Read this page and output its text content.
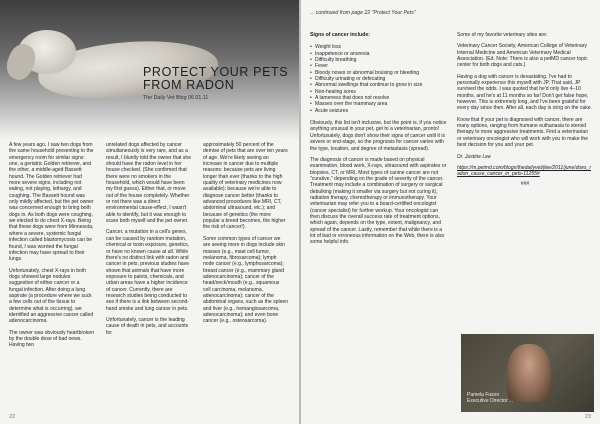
PROTECT YOUR PETS
FROM RADON
The Daily Vet Blog 06.01.11

A few years ago, I saw two dogs from the same household presenting to the emergency room for similar signs: one, a geriatric Golden retriever, and the other, a middle-aged Bassett hound. The Golden retriever had more severe signs, including not eating, not playing, lethargy, and coughing. The Bassett hound was only mildly affected, but the pet owner was concerned enough to bring both dogs in. As both dogs were coughing, we elected to do chest X-rays. Being that these dogs were from Minnesota, where a severe, systemic fungal infection called blastomycosis can be found, I was worried the fungal infection may have spread to their lungs.

Unfortunately, chest X-rays in both dogs showed large nodules suggestive of either cancer or a fungal infection. After doing a lung aspirate (a procedure where we suck a few cells out of the tissue to determine what is occurring), we identified an aggressive cancer called adenocarcinoma.

The owner was obviously heartbroken by the double dose of bad news. Having two

unrelated dogs affected by cancer simultaneously is very rare, and as a result, I bluntly told the owner that she should have the radon level in her house checked. (She confirmed that there were no smokers in the household, which would have been my first guess). Either that, or move out of the house completely. Whether or not there was a direct environmental cause-effect, I wasn't able to identify, but it was enough to scare both myself and the pet owner.

Cancer, a mutation in a cell's genes, can be caused by random mutation, chemical or toxin exposure, genetics, or have no known cause at all. While there's no distinct link with radon and cancer in pets, previous studies have shown that animals that have more exposure to paints, chemicals, and urban areas have a higher incidence of cancer. Currently, there are research studies being conducted to see if there is a link between second-hand smoke and lung cancer in pets.

Unfortunately, cancer is the leading cause of death in pets, and accounts for

approximately 50 percent of the demise of pets that are over ten years of age. We're likely seeing an increase in cancer due to multiple reasons: because pets are living longer than ever (thanks to the high quality of veterinary medicines now available); because we're able to diagnose cancer better (thanks to advanced procedures like MRI, CT, abdominal ultrasound, etc.); and because of genetics (the more popular a breed becomes, the higher the risk of cancer!).

Some common types of cancer we are seeing more in dogs include skin masses (e.g., mast cell tumor, melanoma, fibrosarcoma); lymph node cancer (e.g., lymphosarcoma); breast cancer (e.g., mammary gland adenocarcinoma); cancer of the head/neck/mouth (e.g., squamous cell carcinoma, melanoma, adenocarcinoma); cancer of the abdominal organs, such as the spleen and liver (e.g., hemangiosarcoma, adenocarcinoma); and even bone cancer (e.g., osteosarcoma).

22
... continued from page 22 "Protect Your Pets"
Signs of cancer include:
• Weight loss
• Inappetence or anorexia
• Difficulty breathing
• Fever
• Bloody noses or abnormal bruising or bleeding
• Difficulty urinating or defecating
• Abnormal swellings that continue to grow in size
• Non-healing sores
• A lameness that does not resolve
• Masses over the mammary area
• Acute seizures

Obviously, this list isn't inclusive, but the point is, if you notice anything unusual in your pet, get to a veterinarian, pronto! Unfortunately, dogs don't show their signs of cancer until it is severe or end-stage, so the prognosis for cancer varies with the type, location, and degree of metastasis (spread).

The diagnosis of cancer is made based on physical examination, blood work, X-rays, ultrasound with aspirates or biopsies, CT, or MRI. Most types of canine cancer are not "curative," depending on the grade of severity of the cancer. Treatment may include a combination of surgery or surgical debulking (making it smaller via surgery but not curing it), radiation therapy, chemotherapy or immunotherapy. Your veterinarian may refer you to a board-certified oncologist (cancer specialist) for further workup. Your oncologist can then discuss the overall success rate of treatment options, which again, depends on the type, extent, malignancy, and spread of the cancer. Lastly, remember that while there is a lot of bad or erroneous information on the Web, there is also some helpful info.

Some of my favorite veterinary sites are:

Veterinary Cancer Society, American College of Veterinary Internal Medicine and American Veterinary Medical Association. (Ed. Note: There is also a petMD cancer topic center for both dogs and cats.)

Having a dog with cancer is devastating. I've had to personally experience this myself with JP. That said, JP survived the odds. I was quoted that he'd only live 4–10 months, and he's at 11 months so far! Don't get false hope, however. This is extremely long, and I've been grateful for every day since then. After all, each day is icing on the cake.

Know that if your pet is diagnosed with cancer, there are many options, ranging from humane euthanasia to steroid therapy to more aggressive treatments. Find a veterinarian or veterinary oncologist who will work with you to make the best decision for you and your pet.

Dr. Justine Lee

https://m.petmd.com/blogs/thedailyvet/jlee/2011/june/does_radon_cause_cancer_in_pets-11255#
###
Pamela Fuson
Executive Director ...
23
